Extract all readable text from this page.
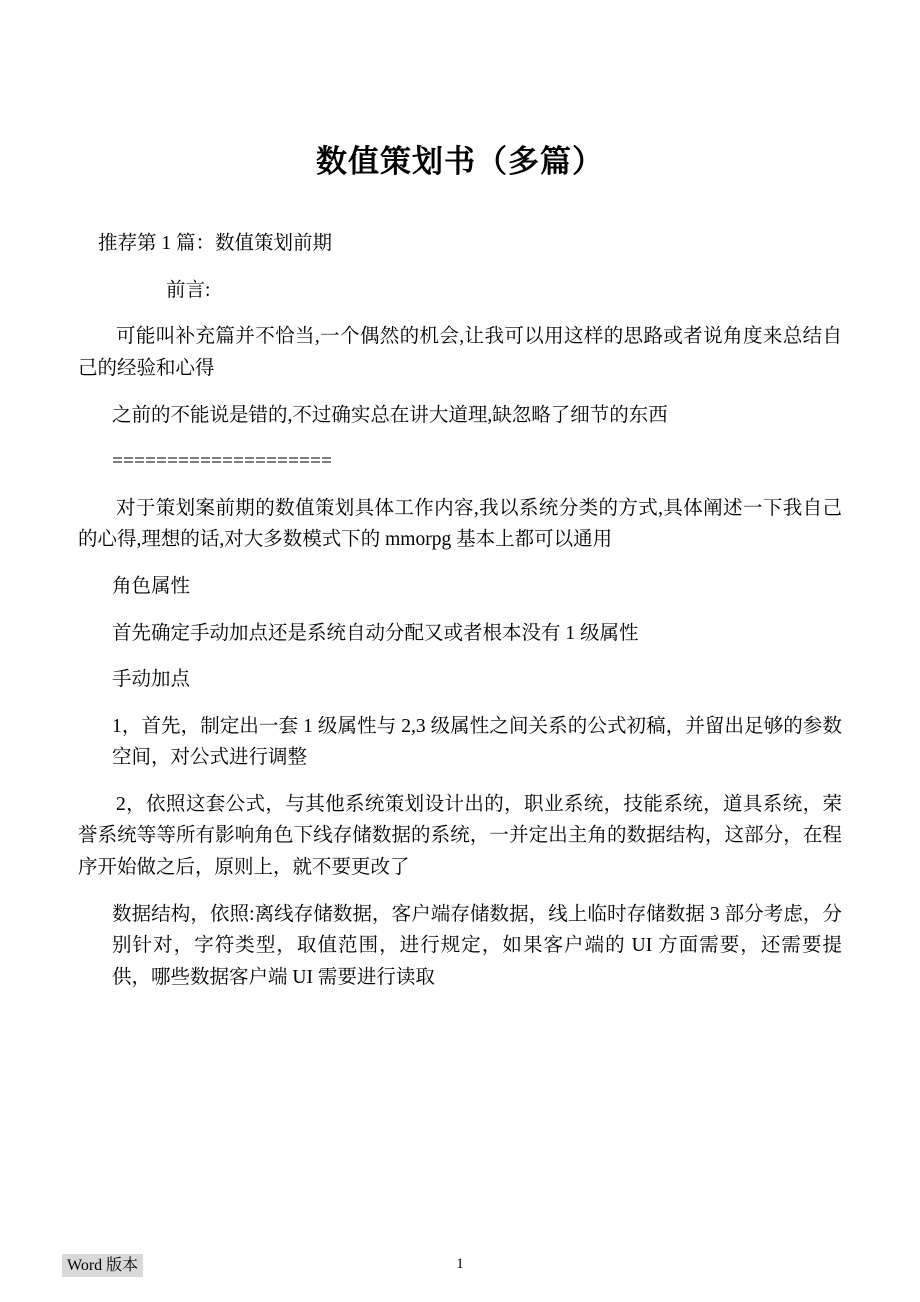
数值策划书（多篇）

推荐第 1 篇：数值策划前期

前言:

可能叫补充篇并不恰当,一个偶然的机会,让我可以用这样的思路或者说角度来总结自己的经验和心得

之前的不能说是错的,不过确实总在讲大道理,缺忽略了细节的东西

====================

对于策划案前期的数值策划具体工作内容,我以系统分类的方式,具体阐述一下我自己的心得,理想的话,对大多数模式下的 mmorpg 基本上都可以通用

角色属性

首先确定手动加点还是系统自动分配又或者根本没有 1 级属性

手动加点

1，首先，制定出一套 1 级属性与 2,3 级属性之间关系的公式初稿，并留出足够的参数空间，对公式进行调整

2，依照这套公式，与其他系统策划设计出的，职业系统，技能系统，道具系统，荣誉系统等等所有影响角色下线存储数据的系统，一并定出主角的数据结构，这部分，在程序开始做之后，原则上，就不要更改了

数据结构，依照:离线存储数据，客户端存储数据，线上临时存储数据 3 部分考虑，分别针对，字符类型，取值范围，进行规定，如果客户端的 UI 方面需要，还需要提供，哪些数据客户端 UI 需要进行读取

Word 版本	1
